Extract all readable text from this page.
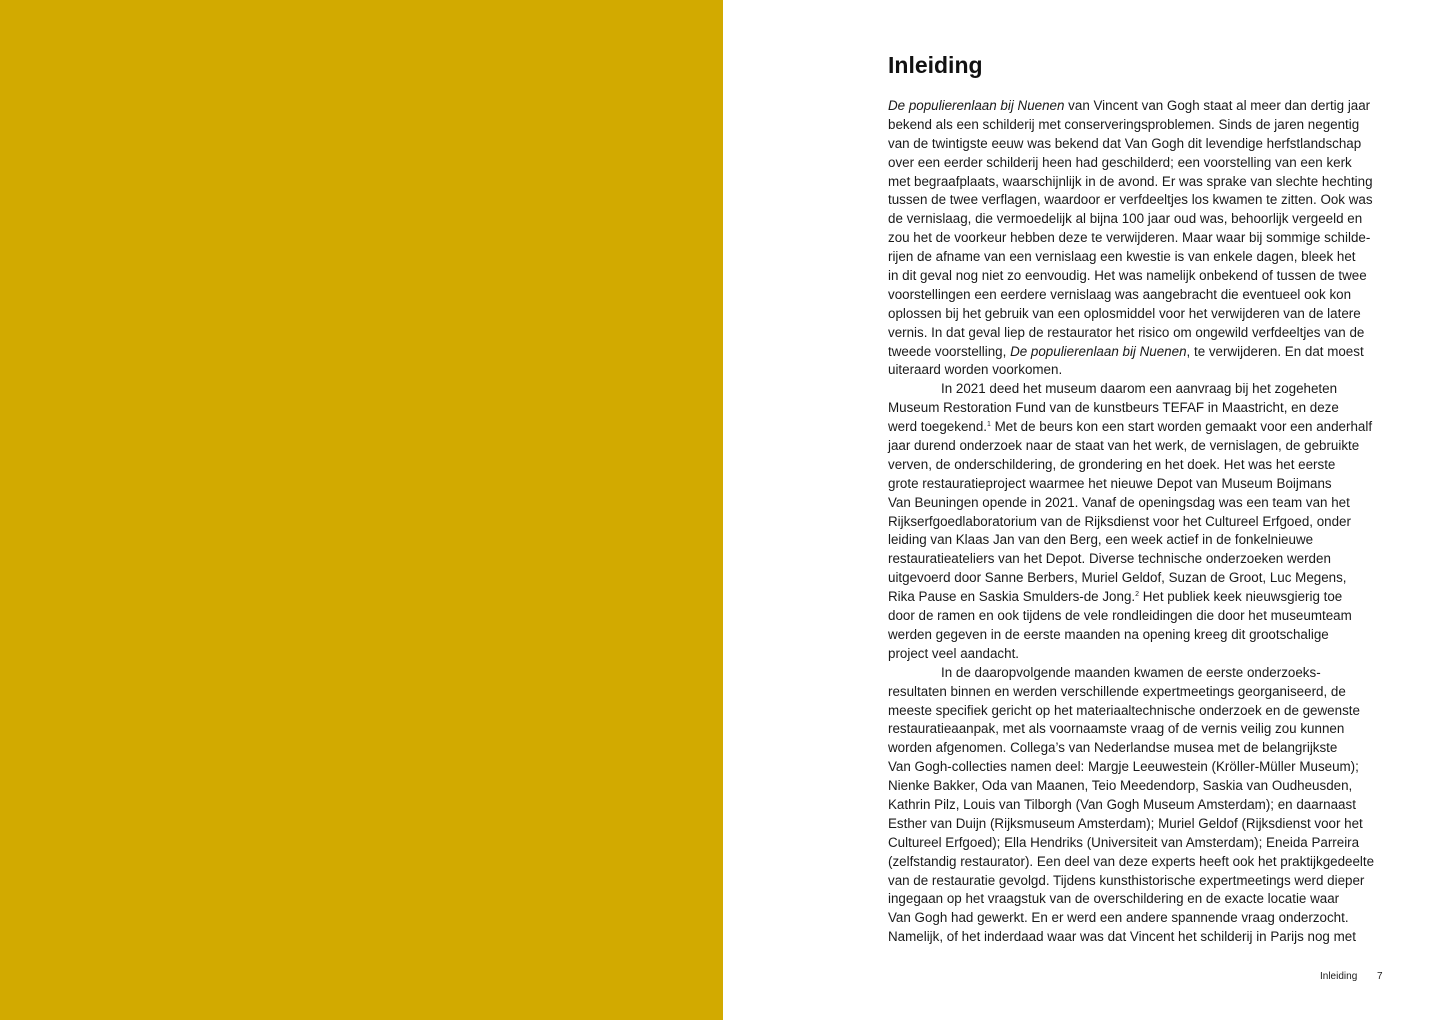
Inleiding
De populierenlaan bij Nuenen van Vincent van Gogh staat al meer dan dertig jaar
bekend als een schilderij met conserveringsproblemen. Sinds de jaren negentig
van de twintigste eeuw was bekend dat Van Gogh dit levendige herfstlandschap
over een eerder schilderij heen had geschilderd; een voorstelling van een kerk
met begraafplaats, waarschijnlijk in de avond. Er was sprake van slechte hechting
tussen de twee verflagen, waardoor er verfdeeltjes los kwamen te zitten. Ook was
de vernislaag, die vermoedelijk al bijna 100 jaar oud was, behoorlijk vergeeld en
zou het de voorkeur hebben deze te verwijderen. Maar waar bij sommige schilde-
rijen de afname van een vernislaag een kwestie is van enkele dagen, bleek het
in dit geval nog niet zo eenvoudig. Het was namelijk onbekend of tussen de twee
voorstellingen een eerdere vernislaag was aangebracht die eventueel ook kon
oplossen bij het gebruik van een oplosmiddel voor het verwijderen van de latere
vernis. In dat geval liep de restaurator het risico om ongewild verfdeeltjes van de
tweede voorstelling, De populierenlaan bij Nuenen, te verwijderen. En dat moest
uiteraard worden voorkomen.
In 2021 deed het museum daarom een aanvraag bij het zogeheten
Museum Restoration Fund van de kunstbeurs TEFAF in Maastricht, en deze
werd toegekend.$^1$ Met de beurs kon een start worden gemaakt voor een anderhalf
jaar durend onderzoek naar de staat van het werk, de vernislagen, de gebruikte
verven, de onderschildering, de grondering en het doek. Het was het eerste
grote restauratieproject waarmee het nieuwe Depot van Museum Boijmans
Van Beuningen opende in 2021. Vanaf de openingsdag was een team van het
Rijkserfgoedlaboratorium van de Rijksdienst voor het Cultureel Erfgoed, onder
leiding van Klaas Jan van den Berg, een week actief in de fonkelnieuwe
restauratieateliers van het Depot. Diverse technische onderzoeken werden
uitgevoerd door Sanne Berbers, Muriel Geldof, Suzan de Groot, Luc Megens,
Rika Pause en Saskia Smulders-de Jong.$^2$ Het publiek keek nieuwsgierig toe
door de ramen en ook tijdens de vele rondleidingen die door het museumteam
werden gegeven in de eerste maanden na opening kreeg dit grootschalige
project veel aandacht.
In de daaropvolgende maanden kwamen de eerste onderzoeks-
resultaten binnen en werden verschillende expertmeetings georganiseerd, de
meeste specifiek gericht op het materiaaltechnische onderzoek en de gewenste
restauratieaanpak, met als voornaamste vraag of de vernis veilig zou kunnen
worden afgenomen. Collega’s van Nederlandse musea met de belangrijkste
Van Gogh-collecties namen deel: Margje Leeuwestein (Kröller-Müller Museum);
Nienke Bakker, Oda van Maanen, Teio Meedendorp, Saskia van Oudheusden,
Kathrin Pilz, Louis van Tilborgh (Van Gogh Museum Amsterdam); en daarnaast
Esther van Duijn (Rijksmuseum Amsterdam); Muriel Geldof (Rijksdienst voor het
Cultureel Erfgoed); Ella Hendriks (Universiteit van Amsterdam); Eneida Parreira
(zelfstandig restaurator). Een deel van deze experts heeft ook het praktijkgedeelte
van de restauratie gevolgd. Tijdens kunsthistorische expertmeetings werd dieper
ingegaan op het vraagstuk van de overschildering en de exacte locatie waar
Van Gogh had gewerkt. En er werd een andere spannende vraag onderzocht.
Namelijk, of het inderdaad waar was dat Vincent het schilderij in Parijs nog met
Inleiding 7
